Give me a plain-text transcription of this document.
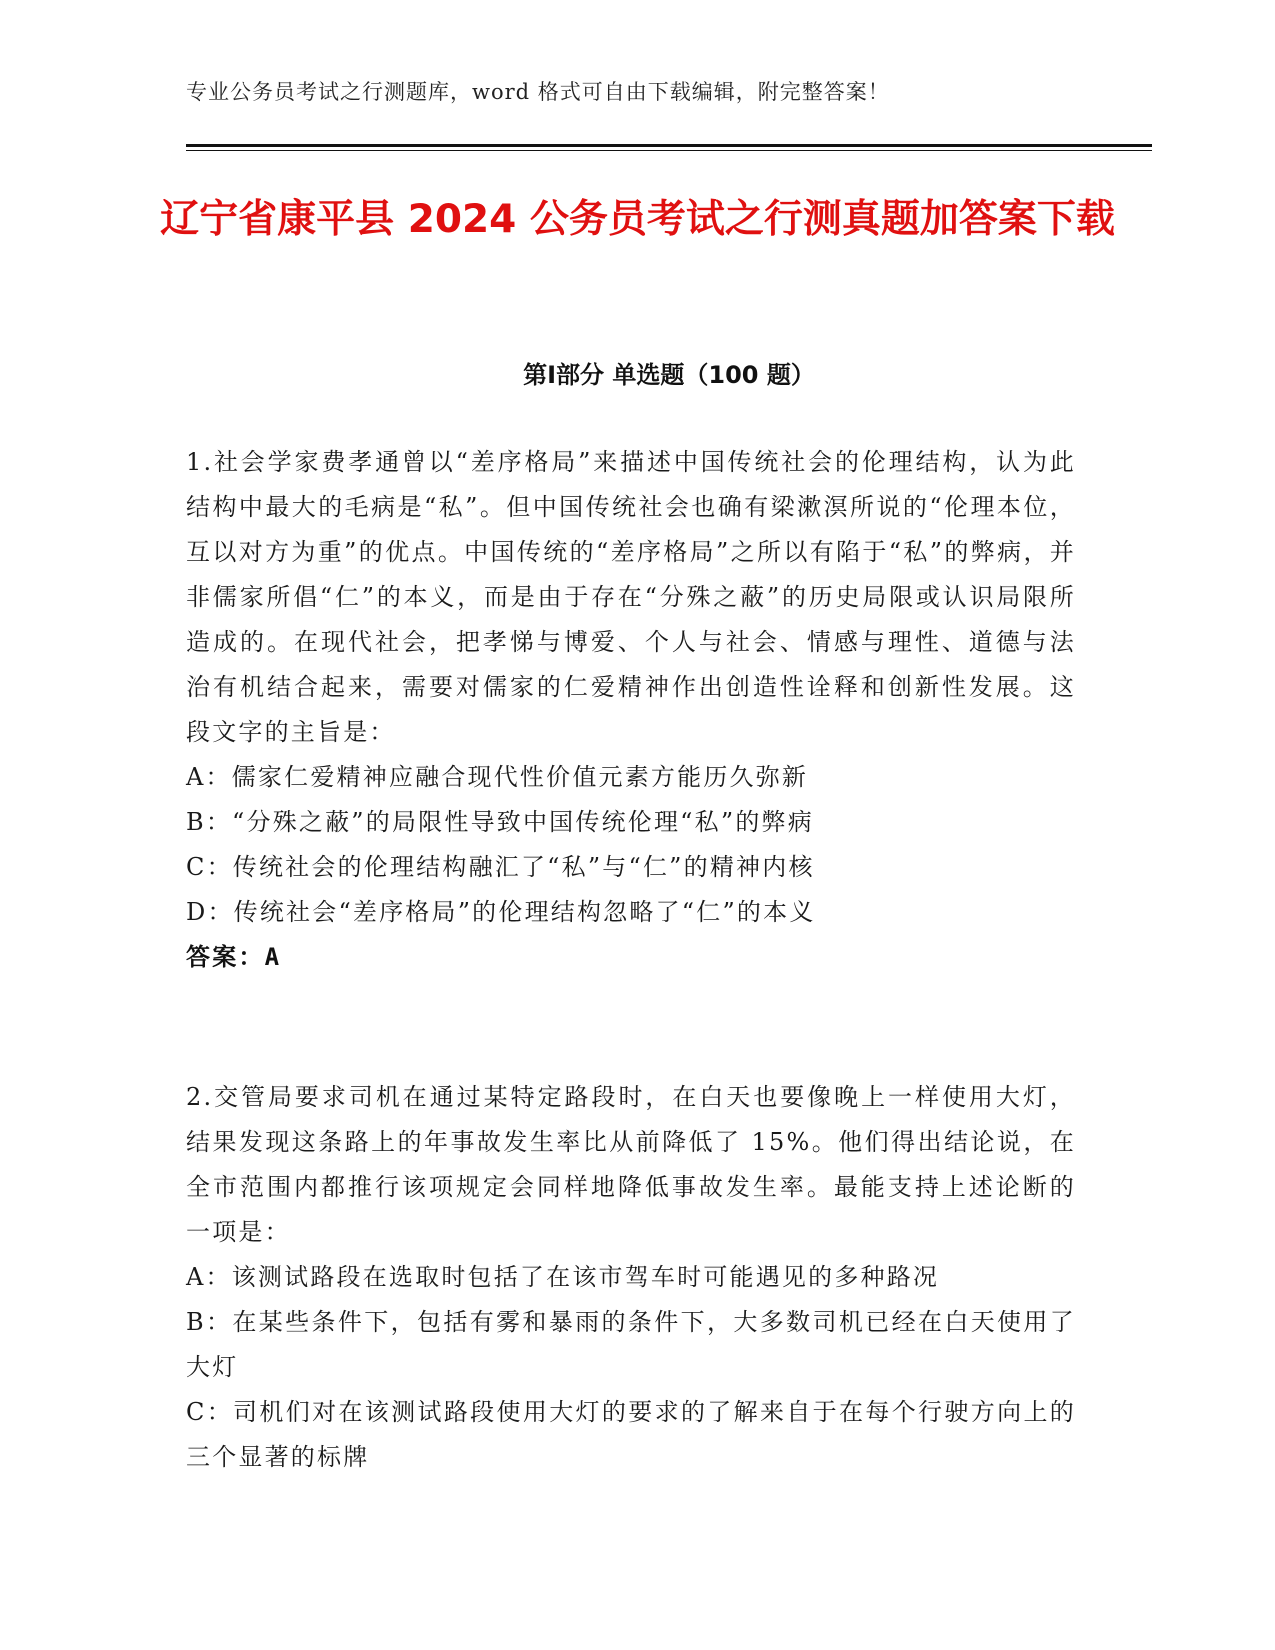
专业公务员考试之行测题库，word 格式可自由下载编辑，附完整答案！
辽宁省康平县 2024 公务员考试之行测真题加答案下载
第Ⅰ部分 单选题（100 题）
1.社会学家费孝通曾以“差序格局”来描述中国传统社会的伦理结构，认为此结构中最大的毛病是“私”。但中国传统社会也确有梁漱溟所说的“伦理本位，互以对方为重”的优点。中国传统的“差序格局”之所以有陷于“私”的弊病，并非儒家所倡“仁”的本义，而是由于存在“分殊之蔽”的历史局限或认识局限所造成的。在现代社会，把孝悌与博爱、个人与社会、情感与理性、道德与法治有机结合起来，需要对儒家的仁爱精神作出创造性诠释和创新性发展。这段文字的主旨是：
A：儒家仁爱精神应融合现代性价值元素方能历久弥新
B：“分殊之蔽”的局限性导致中国传统伦理“私”的弊病
C：传统社会的伦理结构融汇了“私”与“仁”的精神内核
D：传统社会“差序格局”的伦理结构忽略了“仁”的本义
答案：A
2.交管局要求司机在通过某特定路段时，在白天也要像晚上一样使用大灯，结果发现这条路上的年事故发生率比从前降低了 15%。他们得出结论说，在全市范围内都推行该项规定会同样地降低事故发生率。最能支持上述论断的一项是：
A：该测试路段在选取时包括了在该市驾车时可能遇见的多种路况
B：在某些条件下，包括有雾和暴雨的条件下，大多数司机已经在白天使用了大灯
C：司机们对在该测试路段使用大灯的要求的了解来自于在每个行驶方向上的三个显著的标牌
